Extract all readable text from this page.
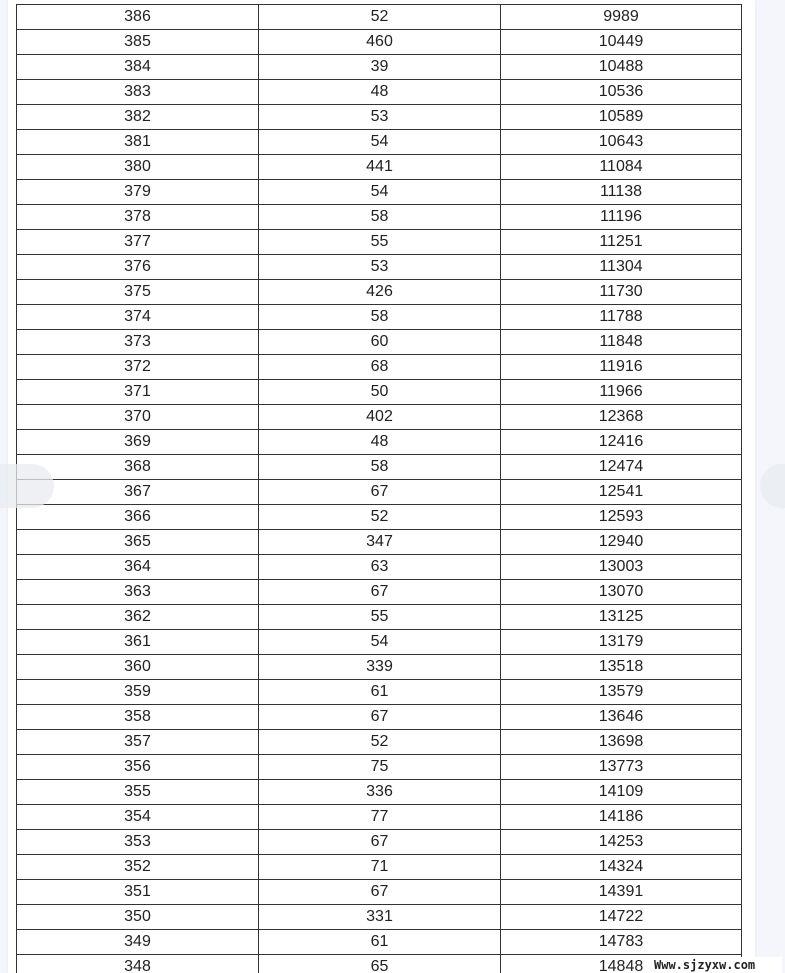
386	52	9989
385	460	10449
384	39	10488
383	48	10536
382	53	10589
381	54	10643
380	441	11084
379	54	11138
378	58	11196
377	55	11251
376	53	11304
375	426	11730
374	58	11788
373	60	11848
372	68	11916
371	50	11966
370	402	12368
369	48	12416
368	58	12474
367	67	12541
366	52	12593
365	347	12940
364	63	13003
363	67	13070
362	55	13125
361	54	13179
360	339	13518
359	61	13579
358	67	13646
357	52	13698
356	75	13773
355	336	14109
354	77	14186
353	67	14253
352	71	14324
351	67	14391
350	331	14722
349	61	14783
348	65	14848 Www.sjzyxw.com
